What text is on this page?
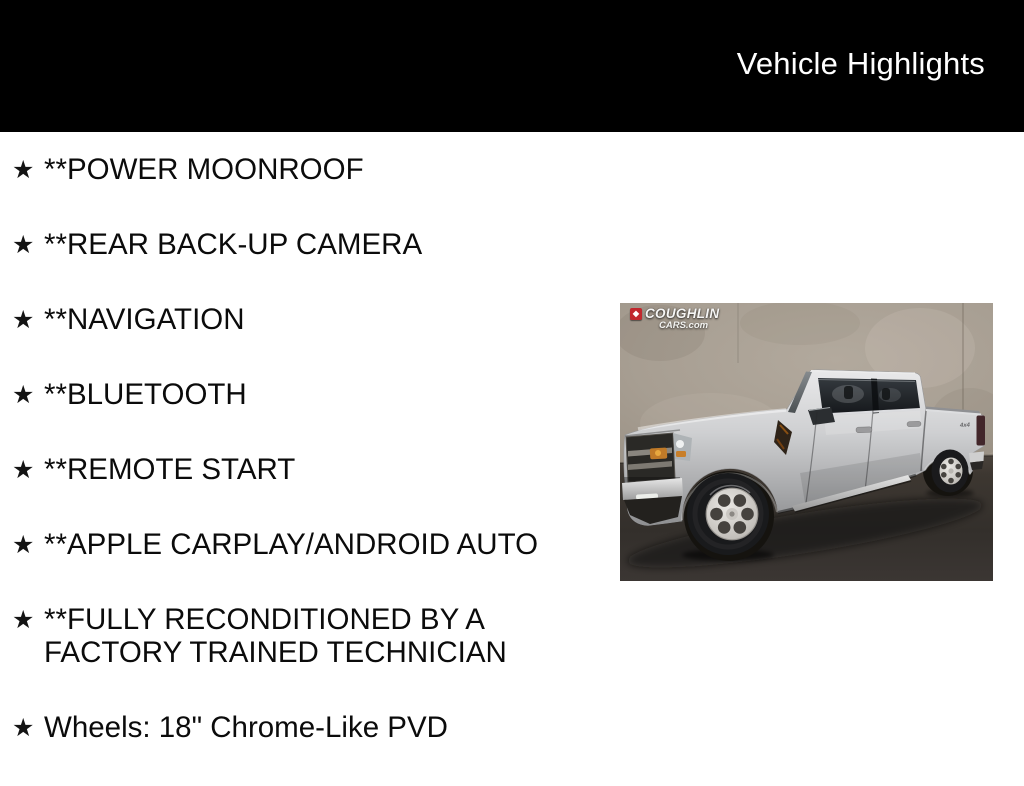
Vehicle Highlights
★ **POWER MOONROOF
★ **REAR BACK-UP CAMERA
★ **NAVIGATION
★ **BLUETOOTH
★ **REMOTE START
★ **APPLE CARPLAY/ANDROID AUTO
★ **FULLY RECONDITIONED BY A FACTORY TRAINED TECHNICIAN
★ Wheels: 18" Chrome-Like PVD
4x4
◆ COUGHLIN
CARS.com
